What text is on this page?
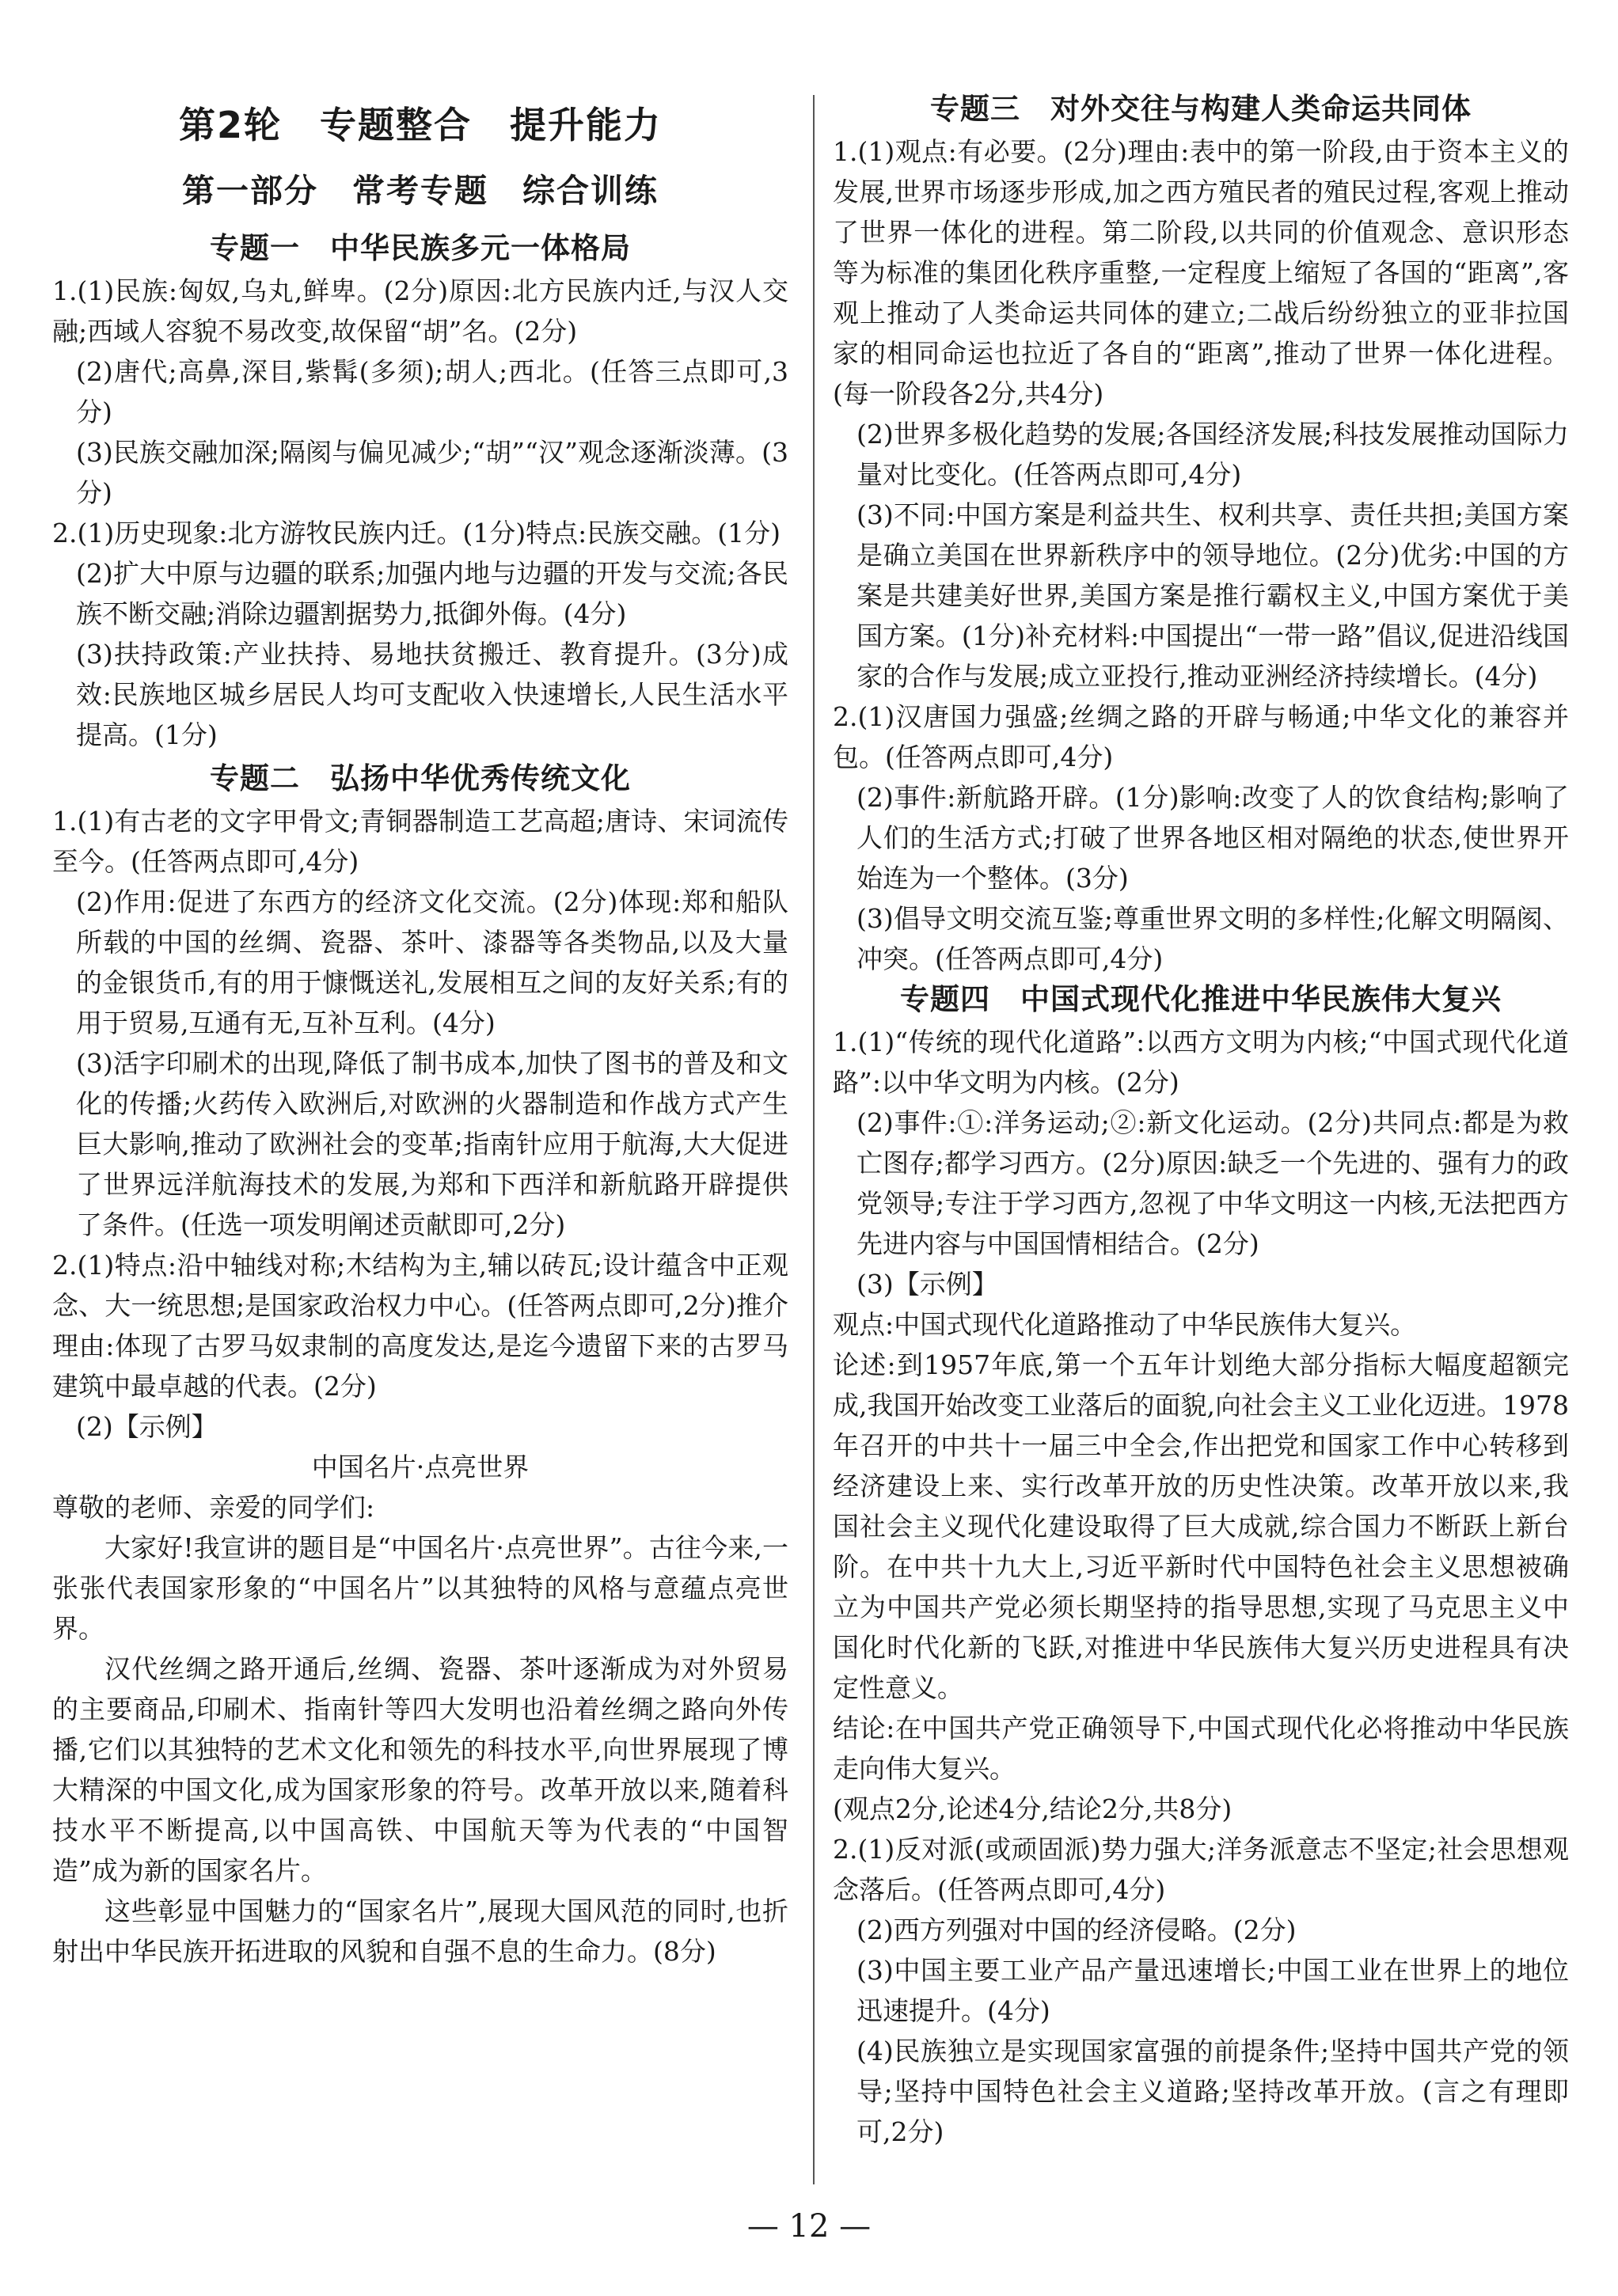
第2轮　专题整合　提升能力
第一部分　常考专题　综合训练
专题一　中华民族多元一体格局

1.(1)民族:匈奴,乌丸,鲜卑。(2分)原因:北方民族内迁,与汉人交融;西域人容貌不易改变,故保留“胡”名。(2分)

(2)唐代;高鼻,深目,紫髯(多须);胡人;西北。(任答三点即可,3分)

(3)民族交融加深;隔阂与偏见减少;“胡”“汉”观念逐渐淡薄。(3分)

2.(1)历史现象:北方游牧民族内迁。(1分)特点:民族交融。(1分)

(2)扩大中原与边疆的联系;加强内地与边疆的开发与交流;各民族不断交融;消除边疆割据势力,抵御外侮。(4分)

(3)扶持政策:产业扶持、易地扶贫搬迁、教育提升。(3分)成效:民族地区城乡居民人均可支配收入快速增长,人民生活水平提高。(1分)

专题二　弘扬中华优秀传统文化

1.(1)有古老的文字甲骨文;青铜器制造工艺高超;唐诗、宋词流传至今。(任答两点即可,4分)

(2)作用:促进了东西方的经济文化交流。(2分)体现:郑和船队所载的中国的丝绸、瓷器、茶叶、漆器等各类物品,以及大量的金银货币,有的用于慷慨送礼,发展相互之间的友好关系;有的用于贸易,互通有无,互补互利。(4分)

(3)活字印刷术的出现,降低了制书成本,加快了图书的普及和文化的传播;火药传入欧洲后,对欧洲的火器制造和作战方式产生巨大影响,推动了欧洲社会的变革;指南针应用于航海,大大促进了世界远洋航海技术的发展,为郑和下西洋和新航路开辟提供了条件。(任选一项发明阐述贡献即可,2分)

2.(1)特点:沿中轴线对称;木结构为主,辅以砖瓦;设计蕴含中正观念、大一统思想;是国家政治权力中心。(任答两点即可,2分)推介理由:体现了古罗马奴隶制的高度发达,是迄今遗留下来的古罗马建筑中最卓越的代表。(2分)

(2)【示例】

中国名片·点亮世界

尊敬的老师、亲爱的同学们:

大家好!我宣讲的题目是“中国名片·点亮世界”。古往今来,一张张代表国家形象的“中国名片”以其独特的风格与意蕴点亮世界。

汉代丝绸之路开通后,丝绸、瓷器、茶叶逐渐成为对外贸易的主要商品,印刷术、指南针等四大发明也沿着丝绸之路向外传播,它们以其独特的艺术文化和领先的科技水平,向世界展现了博大精深的中国文化,成为国家形象的符号。改革开放以来,随着科技水平不断提高,以中国高铁、中国航天等为代表的“中国智造”成为新的国家名片。

这些彰显中国魅力的“国家名片”,展现大国风范的同时,也折射出中华民族开拓进取的风貌和自强不息的生命力。(8分)

专题三　对外交往与构建人类命运共同体

1.(1)观点:有必要。(2分)理由:表中的第一阶段,由于资本主义的发展,世界市场逐步形成,加之西方殖民者的殖民过程,客观上推动了世界一体化的进程。第二阶段,以共同的价值观念、意识形态等为标准的集团化秩序重整,一定程度上缩短了各国的“距离”,客观上推动了人类命运共同体的建立;二战后纷纷独立的亚非拉国家的相同命运也拉近了各自的“距离”,推动了世界一体化进程。(每一阶段各2分,共4分)

(2)世界多极化趋势的发展;各国经济发展;科技发展推动国际力量对比变化。(任答两点即可,4分)

(3)不同:中国方案是利益共生、权利共享、责任共担;美国方案是确立美国在世界新秩序中的领导地位。(2分)优劣:中国的方案是共建美好世界,美国方案是推行霸权主义,中国方案优于美国方案。(1分)补充材料:中国提出“一带一路”倡议,促进沿线国家的合作与发展;成立亚投行,推动亚洲经济持续增长。(4分)

2.(1)汉唐国力强盛;丝绸之路的开辟与畅通;中华文化的兼容并包。(任答两点即可,4分)

(2)事件:新航路开辟。(1分)影响:改变了人的饮食结构;影响了人们的生活方式;打破了世界各地区相对隔绝的状态,使世界开始连为一个整体。(3分)

(3)倡导文明交流互鉴;尊重世界文明的多样性;化解文明隔阂、冲突。(任答两点即可,4分)

专题四　中国式现代化推进中华民族伟大复兴

1.(1)“传统的现代化道路”:以西方文明为内核;“中国式现代化道路”:以中华文明为内核。(2分)

(2)事件:①:洋务运动;②:新文化运动。(2分)共同点:都是为救亡图存;都学习西方。(2分)原因:缺乏一个先进的、强有力的政党领导;专注于学习西方,忽视了中华文明这一内核,无法把西方先进内容与中国国情相结合。(2分)

(3)【示例】

观点:中国式现代化道路推动了中华民族伟大复兴。

论述:到1957年底,第一个五年计划绝大部分指标大幅度超额完成,我国开始改变工业落后的面貌,向社会主义工业化迈进。1978年召开的中共十一届三中全会,作出把党和国家工作中心转移到经济建设上来、实行改革开放的历史性决策。改革开放以来,我国社会主义现代化建设取得了巨大成就,综合国力不断跃上新台阶。在中共十九大上,习近平新时代中国特色社会主义思想被确立为中国共产党必须长期坚持的指导思想,实现了马克思主义中国化时代化新的飞跃,对推进中华民族伟大复兴历史进程具有决定性意义。

结论:在中国共产党正确领导下,中国式现代化必将推动中华民族走向伟大复兴。

(观点2分,论述4分,结论2分,共8分)

2.(1)反对派(或顽固派)势力强大;洋务派意志不坚定;社会思想观念落后。(任答两点即可,4分)

(2)西方列强对中国的经济侵略。(2分)

(3)中国主要工业产品产量迅速增长;中国工业在世界上的地位迅速提升。(4分)

(4)民族独立是实现国家富强的前提条件;坚持中国共产党的领导;坚持中国特色社会主义道路;坚持改革开放。(言之有理即可,2分)

— 12 —
